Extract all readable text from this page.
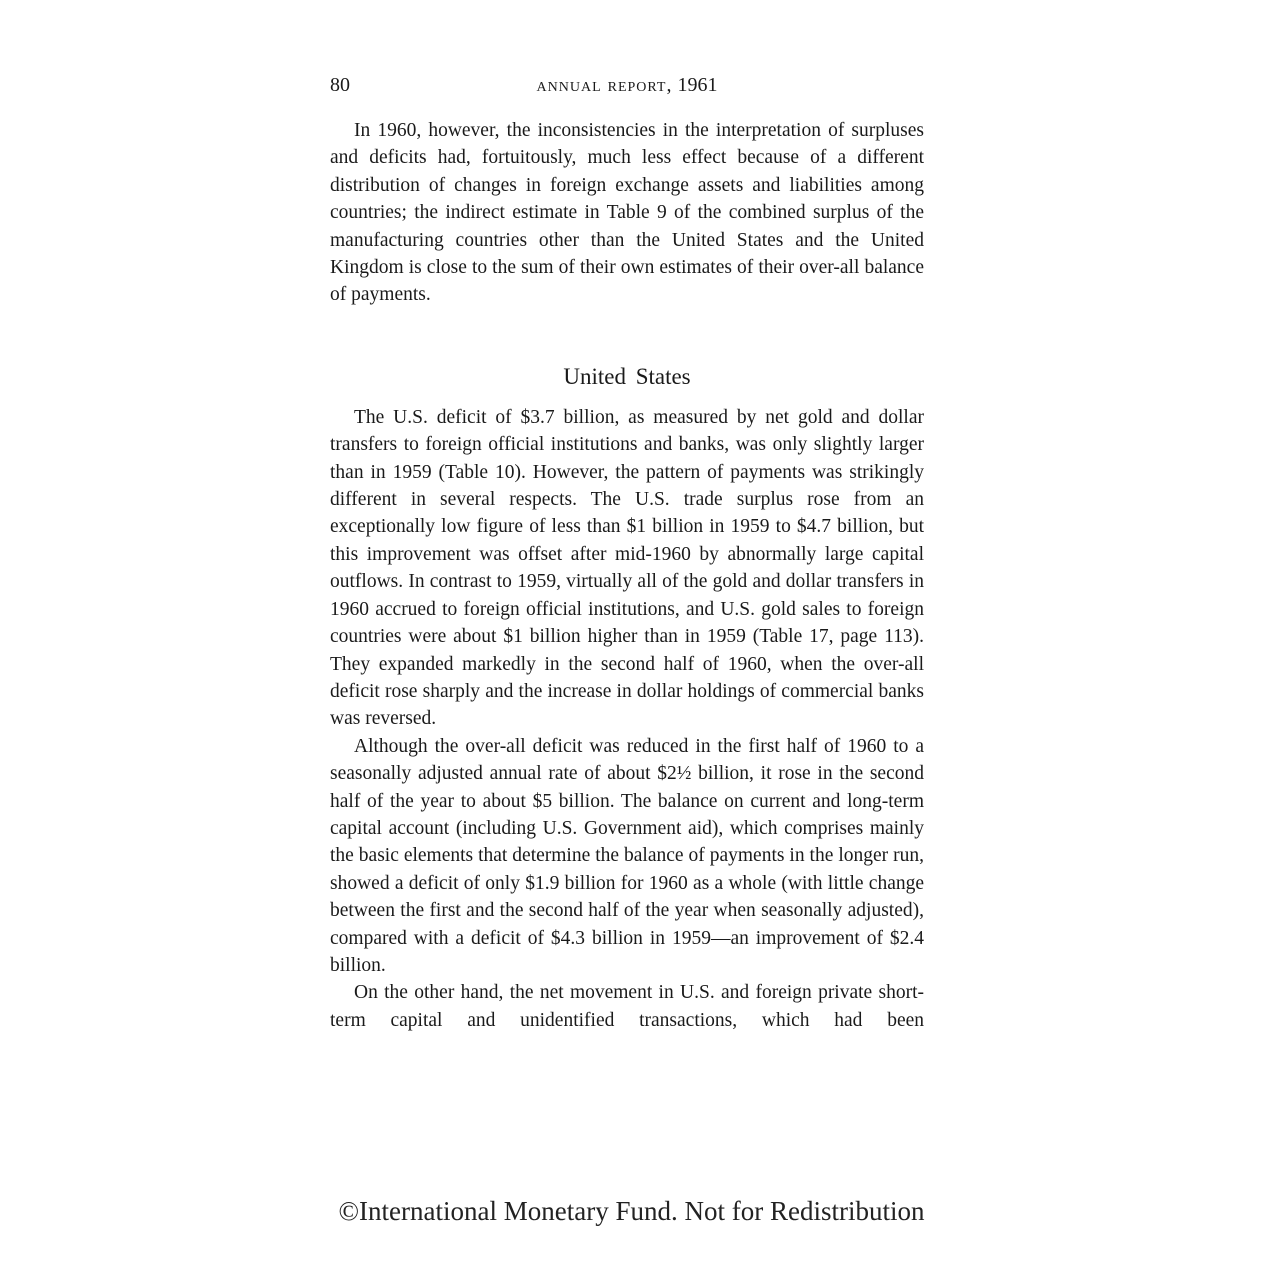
80	annual report, 1961

In 1960, however, the inconsistencies in the interpretation of surpluses and deficits had, fortuitously, much less effect because of a different distribution of changes in foreign exchange assets and liabilities among countries; the indirect estimate in Table 9 of the combined surplus of the manufacturing countries other than the United States and the United Kingdom is close to the sum of their own estimates of their over-all balance of payments.

United States

The U.S. deficit of $3.7 billion, as measured by net gold and dollar transfers to foreign official institutions and banks, was only slightly larger than in 1959 (Table 10). However, the pattern of payments was strikingly different in several respects. The U.S. trade surplus rose from an exceptionally low figure of less than $1 billion in 1959 to $4.7 billion, but this improvement was offset after mid-1960 by abnormally large capital outflows. In contrast to 1959, virtually all of the gold and dollar transfers in 1960 accrued to foreign official institutions, and U.S. gold sales to foreign countries were about $1 billion higher than in 1959 (Table 17, page 113). They expanded markedly in the second half of 1960, when the over-all deficit rose sharply and the increase in dollar holdings of commercial banks was reversed.

Although the over-all deficit was reduced in the first half of 1960 to a seasonally adjusted annual rate of about $2½ billion, it rose in the second half of the year to about $5 billion. The balance on current and long-term capital account (including U.S. Government aid), which comprises mainly the basic elements that determine the balance of payments in the longer run, showed a deficit of only $1.9 billion for 1960 as a whole (with little change between the first and the second half of the year when seasonally adjusted), compared with a deficit of $4.3 billion in 1959—an improvement of $2.4 billion.

On the other hand, the net movement in U.S. and foreign private short-term capital and unidentified transactions, which had been

©International Monetary Fund. Not for Redistribution
